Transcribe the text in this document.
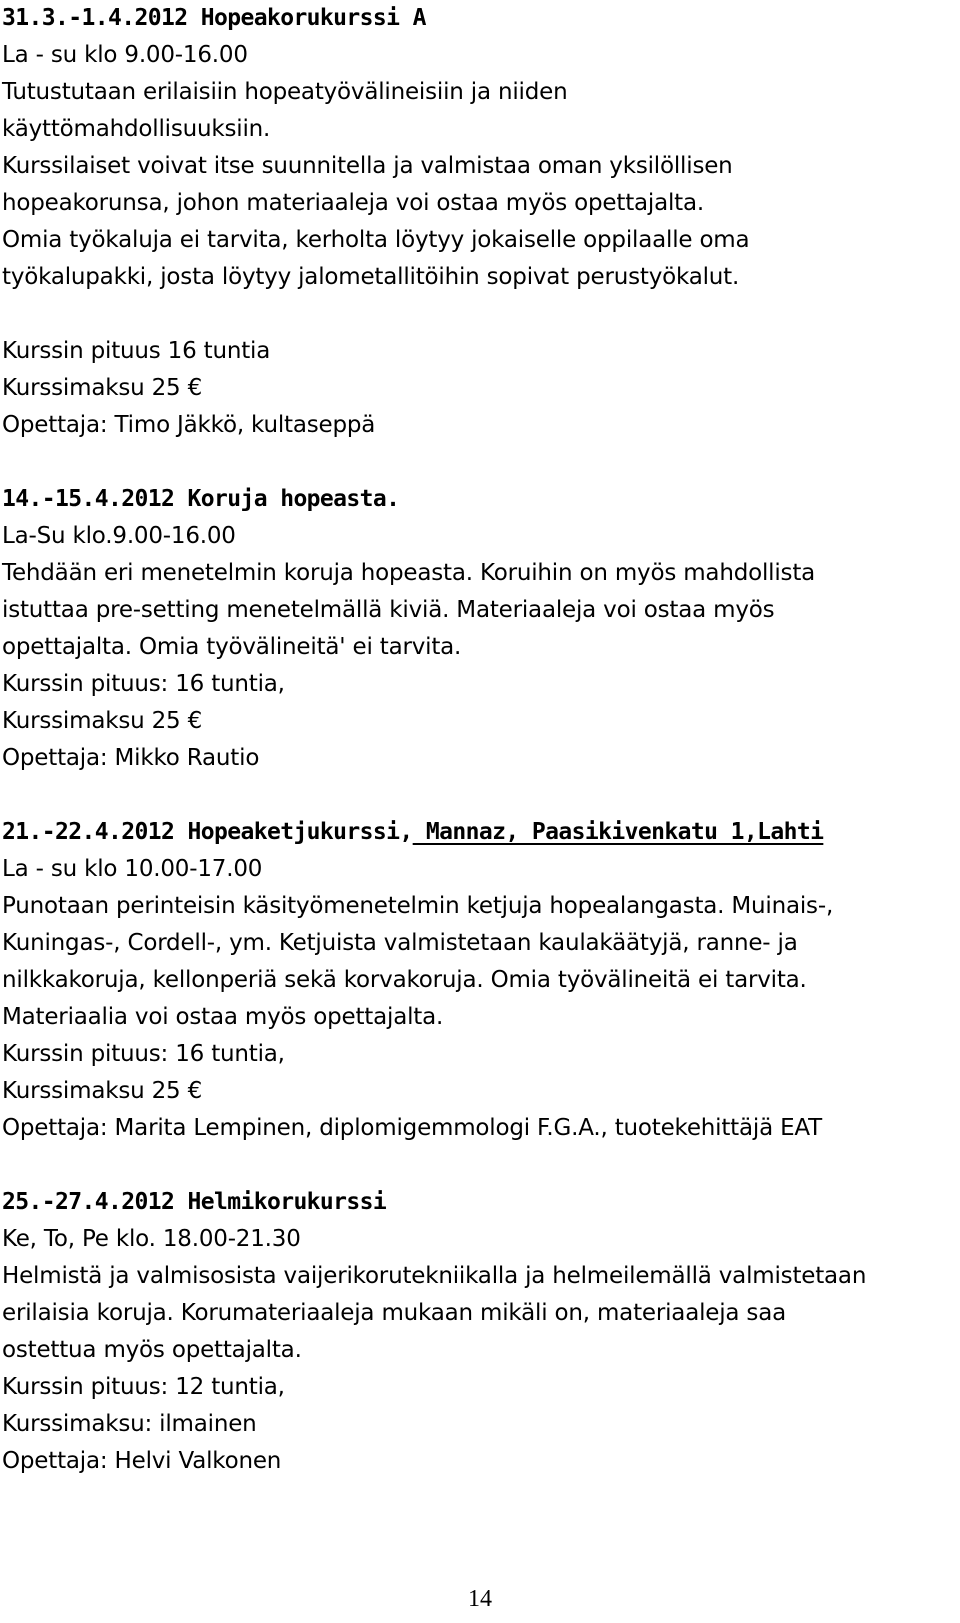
31.3.-1.4.2012 Hopeakorukurssi A
La - su klo 9.00-16.00
Tutustutaan erilaisiin hopeatyövälineisiin ja niiden
käyttömahdollisuuksiin.
Kurssilaiset voivat itse suunnitella ja valmistaa oman yksilöllisen
hopeakorunsa, johon materiaaleja voi ostaa myös opettajalta.
Omia työkaluja ei tarvita, kerholta löytyy jokaiselle oppilaalle oma
työkalupakki, josta löytyy jalometallitöihin sopivat perustyökalut.
Kurssin pituus 16 tuntia
Kurssimaksu 25 €
Opettaja: Timo Jäkkö, kultaseppä
14.-15.4.2012 Koruja hopeasta.
La-Su klo.9.00-16.00
Tehdään eri menetelmin koruja hopeasta. Koruihin on myös mahdollista
istuttaa pre-setting menetelmällä kiviä. Materiaaleja voi ostaa myös
opettajalta. Omia työvälineitä' ei tarvita.
Kurssin pituus: 16 tuntia,
Kurssimaksu 25 €
Opettaja: Mikko Rautio
21.-22.4.2012 Hopeaketjukurssi, Mannaz, Paasikivenkatu 1,Lahti
La - su klo 10.00-17.00
Punotaan perinteisin käsityömenetelmin ketjuja hopealangasta. Muinais-,
Kuningas-, Cordell-, ym. Ketjuista valmistetaan kaulakäätyjä, ranne- ja
nilkkakoruja, kellonperiä sekä korvakoruja. Omia työvälineitä ei tarvita.
Materiaalia voi ostaa myös opettajalta.
Kurssin pituus: 16 tuntia,
Kurssimaksu 25 €
Opettaja: Marita Lempinen, diplomigemmologi F.G.A., tuotekehittäjä EAT
25.-27.4.2012 Helmikorukurssi
Ke, To, Pe klo. 18.00-21.30
Helmistä ja valmisosista vaijerikorutekniikalla ja helmeilemällä valmistetaan
erilaisia koruja. Korumateriaaleja mukaan mikäli on, materiaaleja saa
ostettua myös opettajalta.
Kurssin pituus: 12 tuntia,
Kurssimaksu: ilmainen
Opettaja: Helvi Valkonen
14
